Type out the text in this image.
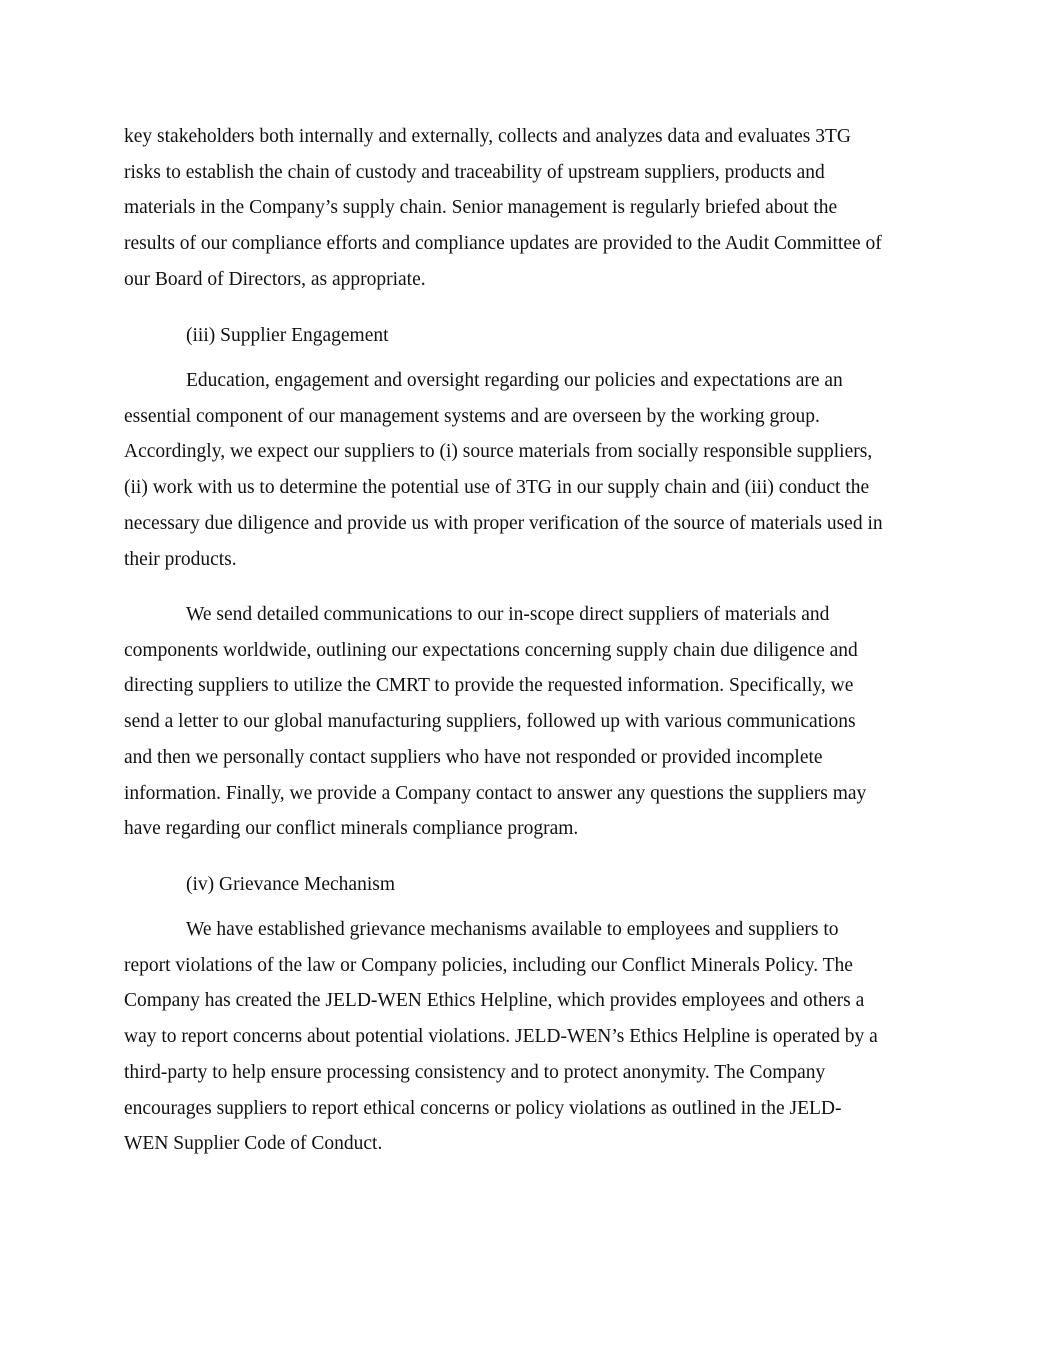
key stakeholders both internally and externally, collects and analyzes data and evaluates 3TG
risks to establish the chain of custody and traceability of upstream suppliers, products and
materials in the Company’s supply chain. Senior management is regularly briefed about the
results of our compliance efforts and compliance updates are provided to the Audit Committee of
our Board of Directors, as appropriate.
(iii) Supplier Engagement
Education, engagement and oversight regarding our policies and expectations are an
essential component of our management systems and are overseen by the working group.
Accordingly, we expect our suppliers to (i) source materials from socially responsible suppliers,
(ii) work with us to determine the potential use of 3TG in our supply chain and (iii) conduct the
necessary due diligence and provide us with proper verification of the source of materials used in
their products.
We send detailed communications to our in-scope direct suppliers of materials and
components worldwide, outlining our expectations concerning supply chain due diligence and
directing suppliers to utilize the CMRT to provide the requested information. Specifically, we
send a letter to our global manufacturing suppliers, followed up with various communications
and then we personally contact suppliers who have not responded or provided incomplete
information. Finally, we provide a Company contact to answer any questions the suppliers may
have regarding our conflict minerals compliance program.
(iv) Grievance Mechanism
We have established grievance mechanisms available to employees and suppliers to
report violations of the law or Company policies, including our Conflict Minerals Policy. The
Company has created the JELD-WEN Ethics Helpline, which provides employees and others a
way to report concerns about potential violations. JELD-WEN’s Ethics Helpline is operated by a
third-party to help ensure processing consistency and to protect anonymity. The Company
encourages suppliers to report ethical concerns or policy violations as outlined in the JELD-
WEN Supplier Code of Conduct.
